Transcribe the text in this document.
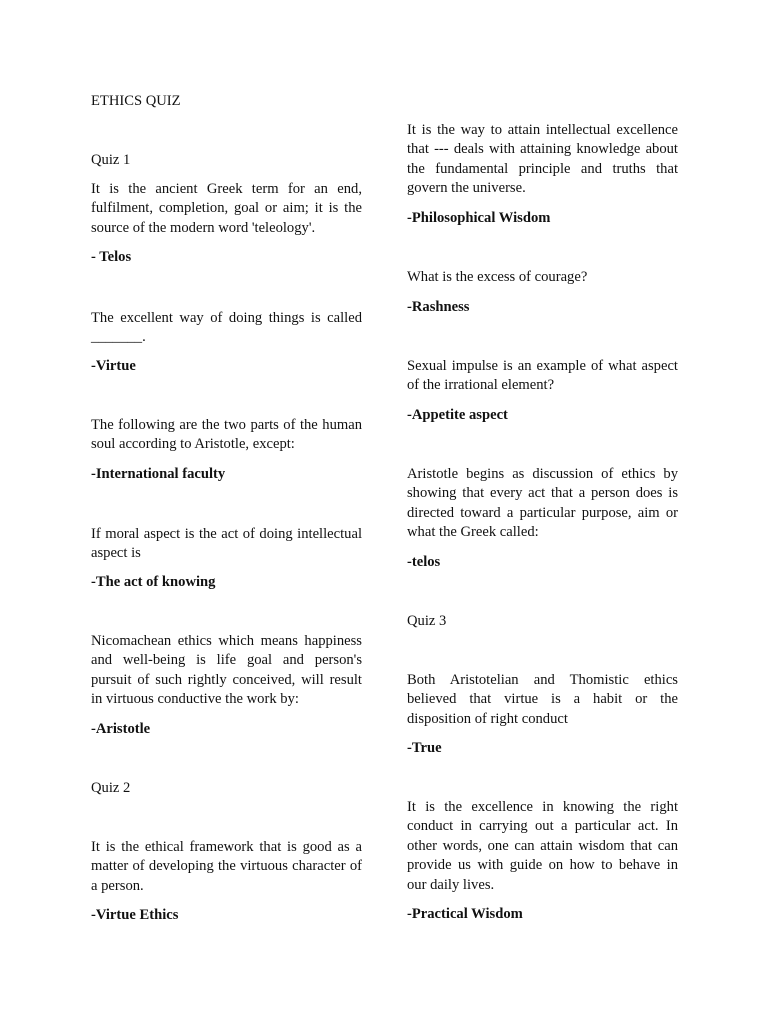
ETHICS QUIZ
Quiz 1
It is the ancient Greek term for an end, fulfilment, completion, goal or aim; it is the source of the modern word 'teleology'.
- Telos
The excellent way of doing things is called _______.
-Virtue
The following are the two parts of the human soul according to Aristotle, except:
-International faculty
If moral aspect is the act of doing intellectual aspect is
-The act of knowing
Nicomachean ethics which means happiness and well-being is life goal and person's pursuit of such rightly conceived, will result in virtuous conductive the work by:
-Aristotle
Quiz 2
It is the ethical framework that is good as a matter of developing the virtuous character of a person.
-Virtue Ethics
It is the way to attain intellectual excellence that --- deals with attaining knowledge about the fundamental principle and truths that govern the universe.
-Philosophical Wisdom
What is the excess of courage?
-Rashness
Sexual impulse is an example of what aspect of the irrational element?
-Appetite aspect
Aristotle begins as discussion of ethics by showing that every act that a person does is directed toward a particular purpose, aim or what the Greek called:
-telos
Quiz 3
Both Aristotelian and Thomistic ethics believed that virtue is a habit or the disposition of right conduct
-True
It is the excellence in knowing the right conduct in carrying out a particular act. In other words, one can attain wisdom that can provide us with guide on how to behave in our daily lives.
-Practical Wisdom
